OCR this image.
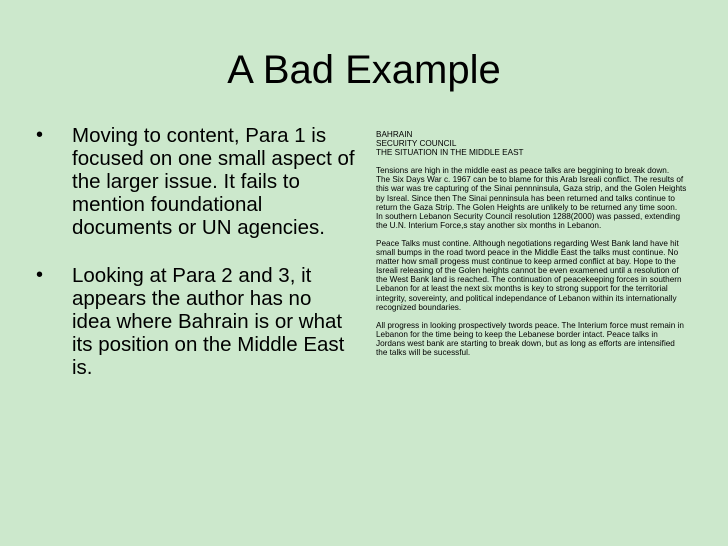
A Bad Example
• Moving to content, Para 1 is
focused on one small aspect of
the larger issue. It fails to
mention foundational
documents or UN agencies.
• Looking at Para 2 and 3, it
appears the author has no
idea where Bahrain is or what
its position on the Middle East
is.
BAHRAIN
SECURITY COUNCIL
THE SITUATION IN THE MIDDLE EAST
Tensions are high in the middle east as peace talks are beggining to break down.
The Six Days War c. 1967 can be to blame for this Arab Isreali conflict. The results of
this war was tre capturing of the Sinai pennninsula, Gaza strip, and the Golen Heights
by Isreal. Since then The Sinai penninsula has been returned and talks continue to
return the Gaza Strip. The Golen Heights are unlikely to be returned any time soon.
In southern Lebanon Security Council resolution 1288(2000) was passed, extending
the U.N. Interium Force,s stay another six months in Lebanon.
Peace Talks must contine. Although negotiations regarding West Bank land have hit
small bumps in the road tword peace in the Middle East the talks must continue. No
matter how small progess must continue to keep armed conflict at bay. Hope to the
Isreali releasing of the Golen heights cannot be even examened until a resolution of
the West Bank land is reached. The continuation of peacekeeping forces in southern
Lebanon for at least the next six months is key to strong support for the territorial
integrity, sovereinty, and political independance of Lebanon within its internationally
recognized boundaries.
All progress in looking prospectively twords peace. The Interium force must remain in
Lebanon for the time being to keep the Lebanese border intact. Peace talks in
Jordans west bank are starting to break down, but as long as efforts are intensified
the talks will be sucessful.
